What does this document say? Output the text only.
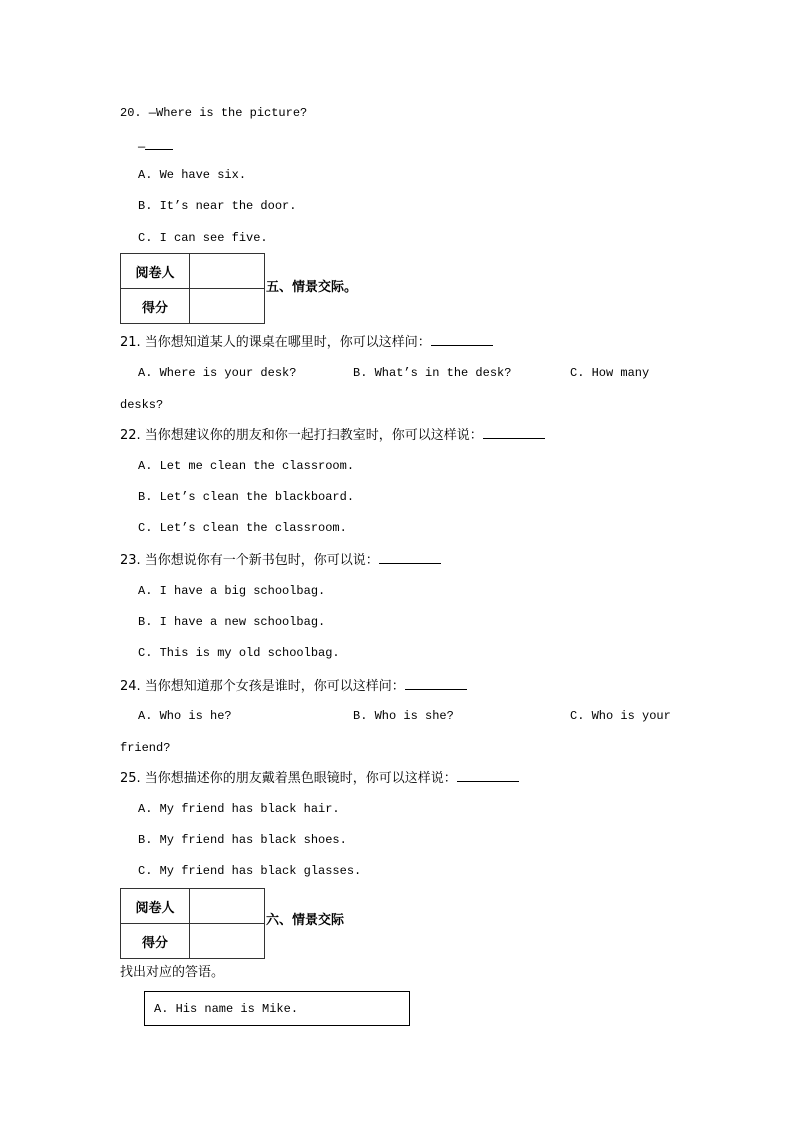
20. —Where is the picture?
—
A. We have six.
B. It’s near the door.
C. I can see five.
阅卷人	
得分	
五、情景交际。
21. 当你想知道某人的课桌在哪里时，你可以这样问：
A. Where is your desk?	B. What’s in the desk?	C. How many
desks?
22. 当你想建议你的朋友和你一起打扫教室时，你可以这样说：
A. Let me clean the classroom.
B. Let’s clean the blackboard.
C. Let’s clean the classroom.
23. 当你想说你有一个新书包时，你可以说：
A. I have a big schoolbag.
B. I have a new schoolbag.
C. This is my old schoolbag.
24. 当你想知道那个女孩是谁时，你可以这样问：
A. Who is he?	B. Who is she?	C. Who is your
friend?
25. 当你想描述你的朋友戴着黑色眼镜时，你可以这样说：
A. My friend has black hair.
B. My friend has black shoes.
C. My friend has black glasses.
阅卷人	
得分	
六、情景交际
找出对应的答语。
A. His name is Mike.
